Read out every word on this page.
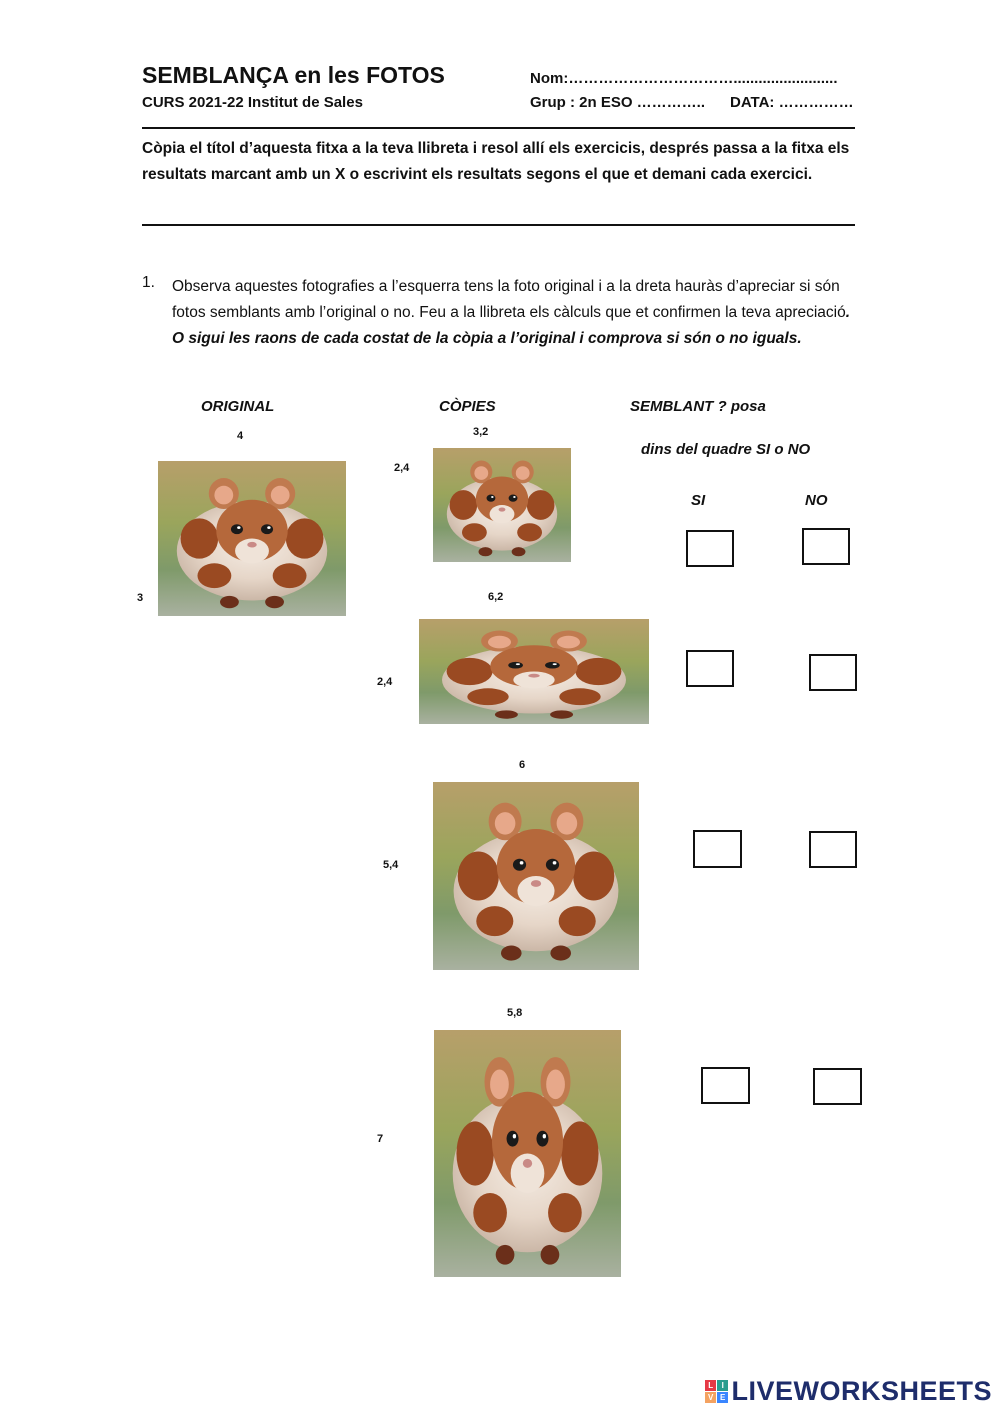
SEMBLANÇA en les FOTOS
CURS 2021-22 Institut de Sales
Nom:…………………………….........................
Grup : 2n ESO ………….. DATA: ……………
Còpia el títol d’aquesta fitxa a la teva llibreta i resol allí els exercicis, després passa a la fitxa els resultats marcant amb un X o escrivint els resultats segons el que et demani cada exercici.
1. Observa aquestes fotografies a l’esquerra tens la foto original i a la dreta hauràs d’apreciar si són fotos semblants amb l’original o no. Feu a la llibreta els càlculs que et confirmen la teva apreciació. O sigui les raons de cada costat de la còpia a l’original i comprova si són o no iguals.
ORIGINAL	CÒPIES	SEMBLANT ? posa
dins del quadre SI o NO
SI	NO
4
3
3,2
2,4
6,2
2,4
6
5,4
5,8
7
L I
V E LIVEWORKSHEETS
